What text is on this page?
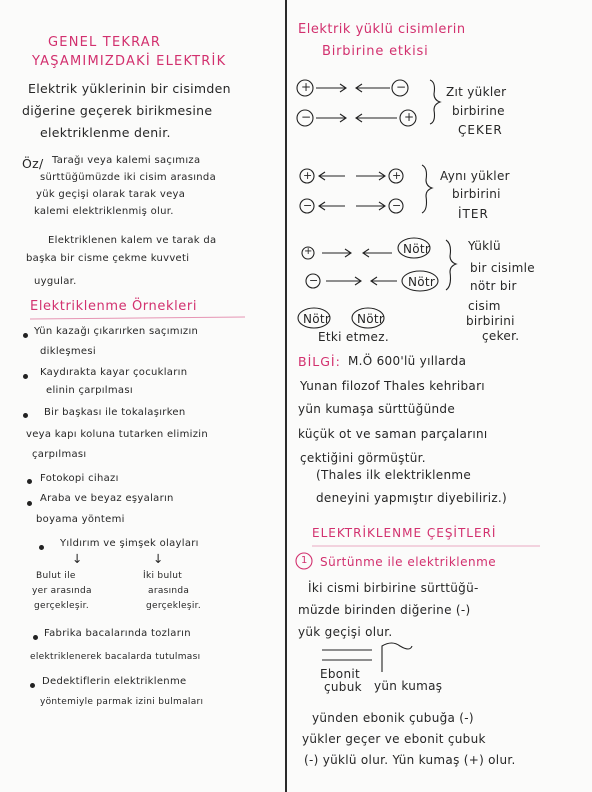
GENEL TEKRAR
YAŞAMIMIZDAKİ ELEKTRİK
Elektrik yüklerinin bir cisimden
diğerine geçerek birikmesine
elektriklenme denir.
Öz/ Tarağı veya kalemi saçımıza
sürttüğümüzde iki cisim arasında
yük geçişi olarak tarak veya
kalemi elektriklenmiş olur.
Elektriklenen kalem ve tarak da
başka bir cisme çekme kuvveti
uygular.
Elektriklenme Örnekleri
Yün kazağı çıkarırken saçımızın
dikleşmesi
Kaydırakta kayar çocukların
elinin çarpılması
Bir başkası ile tokalaşırken
veya kapı koluna tutarken elimizin
çarpılması
Fotokopi cihazı
Araba ve beyaz eşyaların
boyama yöntemi
Yıldırım ve şimşek olayları
↓	↓
Bulut ile
yer arasında
gerçekleşir.
İki bulut
arasında
gerçekleşir.
Fabrika bacalarında tozların
elektriklenerek bacalarda tutulması
Dedektiflerin elektriklenme
yöntemiyle parmak izini bulmaları
Elektrik yüklü cisimlerin
Birbirine etkisi
+	−
−	+
+	+
−	−
+
−
Nötr
Nötr
Nötr Nötr
Etki etmez.
Zıt yükler
birbirine
ÇEKER
Aynı yükler
birbirini
İTER
Yüklü
bir cisimle
nötr bir
cisim
birbirini
çeker.
BİLGİ: M.Ö 600'lü yıllarda
Yunan filozof Thales kehribarı
yün kumaşa sürttüğünde
küçük ot ve saman parçalarını
çektiğini görmüştür.
(Thales ilk elektriklenme
deneyini yapmıştır diyebiliriz.)
ELEKTRİKLENME ÇEŞİTLERİ
1 Sürtünme ile elektriklenme
İki cismi birbirine sürttüğü-
müzde birinden diğerine (-)
yük geçişi olur.
Ebonit
çubuk yün kumaş
yünden ebonik çubuğa (-)
yükler geçer ve ebonit çubuk
(-) yüklü olur. Yün kumaş (+) olur.
